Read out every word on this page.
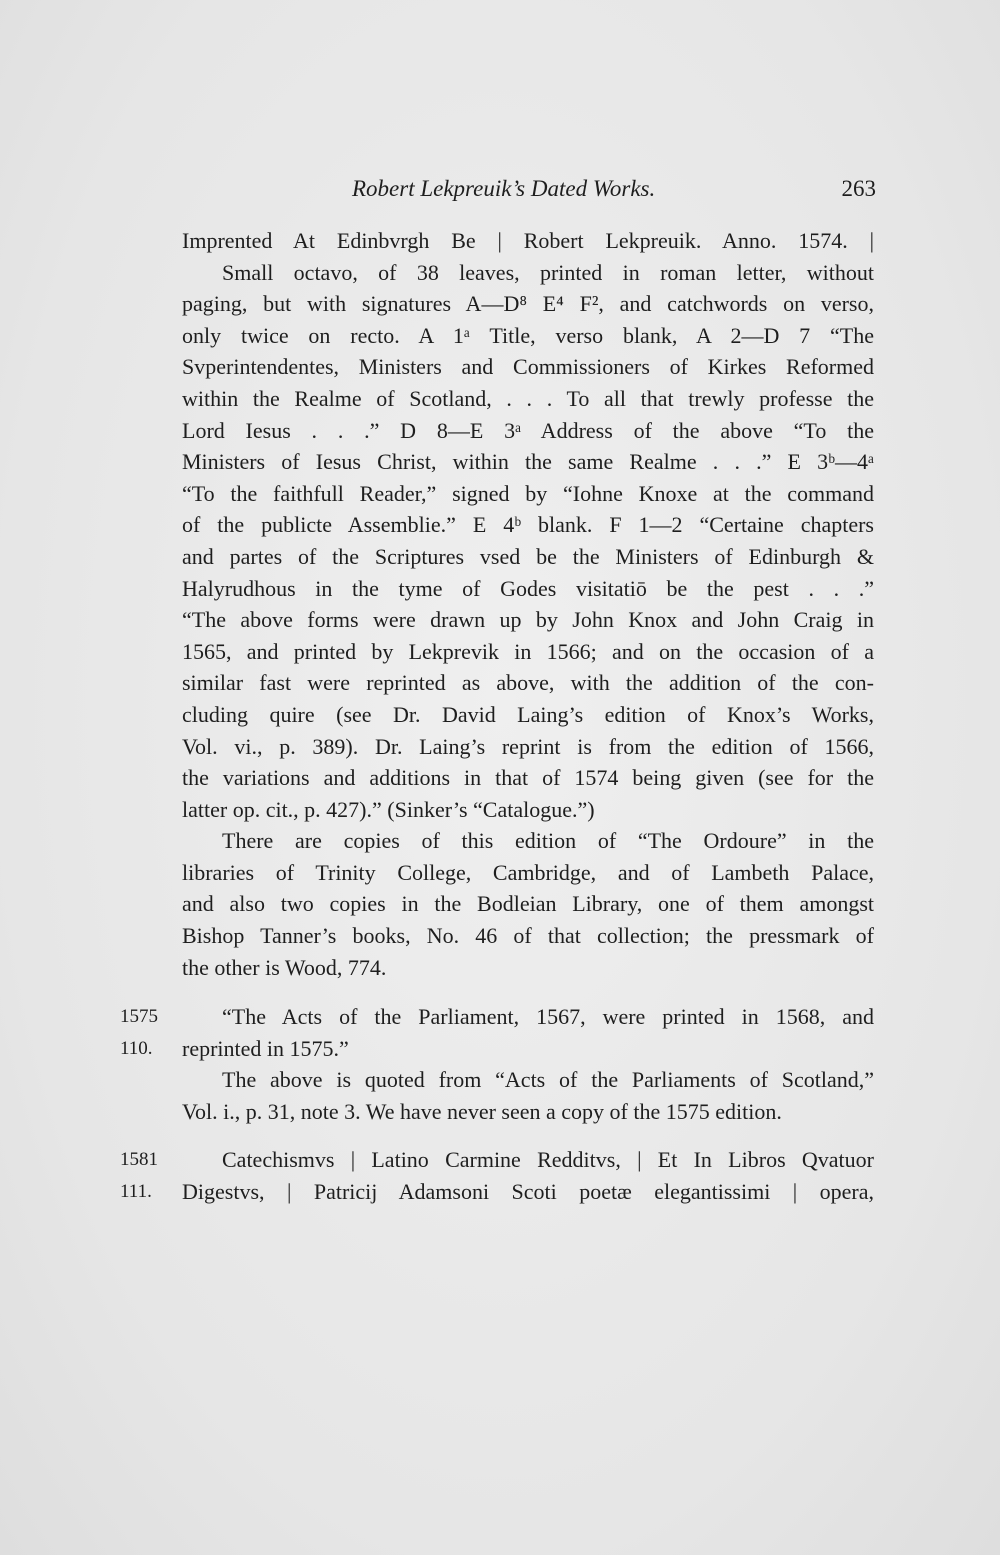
Robert Lekpreuik’s Dated Works.	263
Imprented At Edinbvrgh Be | Robert Lekpreuik. Anno. 1574. |
Small octavo, of 38 leaves, printed in roman letter, without
paging, but with signatures A—D⁸ E⁴ F², and catchwords on verso,
only twice on recto. A 1ᵃ Title, verso blank, A 2—D 7 “The
Svperintendentes, Ministers and Commissioners of Kirkes Reformed
within the Realme of Scotland, . . . To all that trewly professe the
Lord Iesus . . .” D 8—E 3ᵃ Address of the above “To the
Ministers of Iesus Christ, within the same Realme . . .” E 3ᵇ—4ᵃ
“To the faithfull Reader,” signed by “Iohne Knoxe at the command
of the publicte Assemblie.” E 4ᵇ blank. F 1—2 “Certaine chapters
and partes of the Scriptures vsed be the Ministers of Edinburgh &
Halyrudhous in the tyme of Godes visitatiō be the pest . . .”
“The above forms were drawn up by John Knox and John Craig in
1565, and printed by Lekprevik in 1566; and on the occasion of a
similar fast were reprinted as above, with the addition of the con-
cluding quire (see Dr. David Laing’s edition of Knox’s Works,
Vol. vi., p. 389). Dr. Laing’s reprint is from the edition of 1566,
the variations and additions in that of 1574 being given (see for the
latter op. cit., p. 427).” (Sinker’s “Catalogue.”)
There are copies of this edition of “The Ordoure” in the
libraries of Trinity College, Cambridge, and of Lambeth Palace,
and also two copies in the Bodleian Library, one of them amongst
Bishop Tanner’s books, No. 46 of that collection; the pressmark of
the other is Wood, 774.
1575
110.
“The Acts of the Parliament, 1567, were printed in 1568, and
reprinted in 1575.”
The above is quoted from “Acts of the Parliaments of Scotland,”
Vol. i., p. 31, note 3. We have never seen a copy of the 1575 edition.
1581
111.
Catechismvs | Latino Carmine Redditvs, | Et In Libros Qvatuor
Digestvs, | Patricij Adamsoni Scoti poetæ elegantissimi | opera,
